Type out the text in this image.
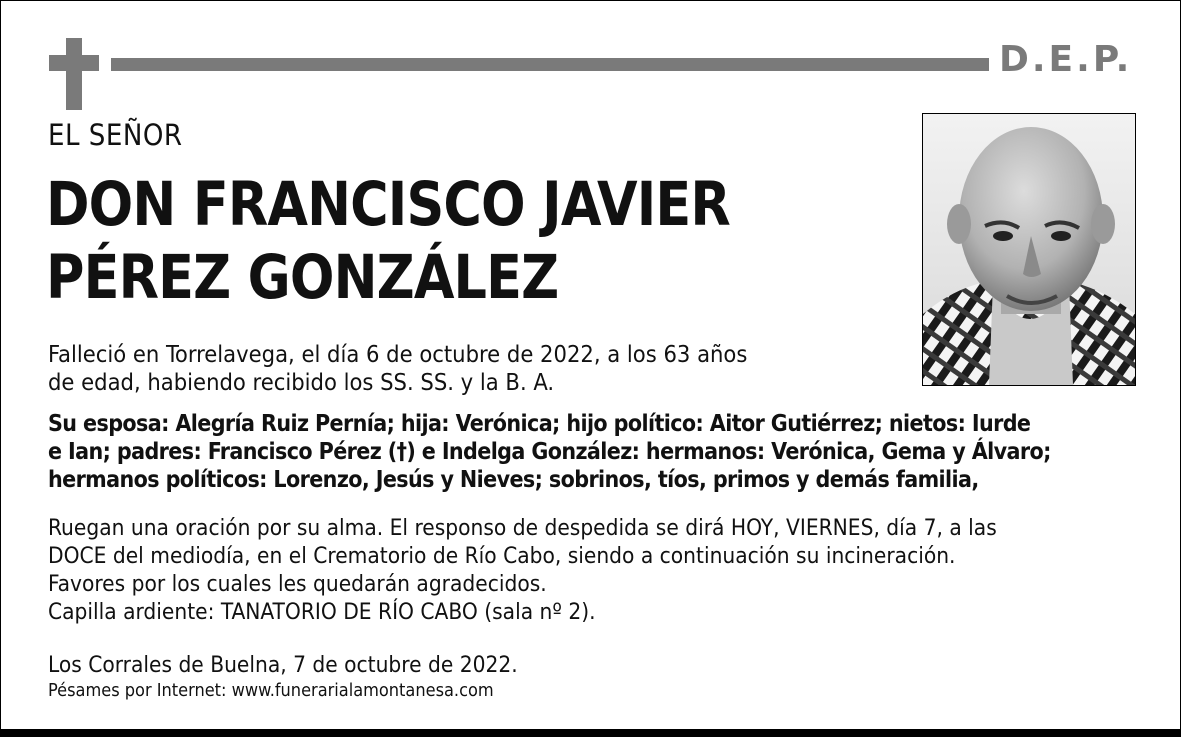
D.E.P.
EL SEÑOR
DON FRANCISCO JAVIER
PÉREZ GONZÁLEZ
Falleció en Torrelavega, el día 6 de octubre de 2022, a los 63 años
de edad, habiendo recibido los SS. SS. y la B. A.
Su esposa: Alegría Ruiz Pernía; hija: Verónica; hijo político: Aitor Gutiérrez; nietos: Iurde
e Ian; padres: Francisco Pérez (†) e Indelga González: hermanos: Verónica, Gema y Álvaro;
hermanos políticos: Lorenzo, Jesús y Nieves; sobrinos, tíos, primos y demás familia,
Ruegan una oración por su alma. El responso de despedida se dirá HOY, VIERNES, día 7, a las
DOCE del mediodía, en el Crematorio de Río Cabo, siendo a continuación su incineración.
Favores por los cuales les quedarán agradecidos.
Capilla ardiente: TANATORIO DE RÍO CABO (sala nº 2).
Los Corrales de Buelna, 7 de octubre de 2022.
Pésames por Internet: www.funerarialamontanesa.com
